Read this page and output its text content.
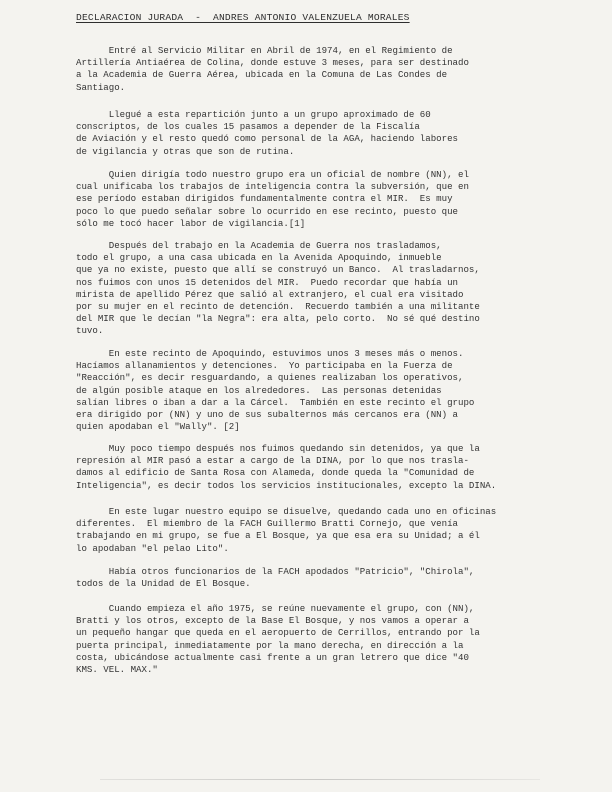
DECLARACION JURADA  -  ANDRES ANTONIO VALENZUELA MORALES
Entré al Servicio Militar en Abril de 1974, en el Regimiento de
Artillería Antiaérea de Colina, donde estuve 3 meses, para ser destinado
a la Academia de Guerra Aérea, ubicada en la Comuna de Las Condes de
Santiago.
Llegué a esta repartición junto a un grupo aproximado de 60
conscriptos, de los cuales 15 pasamos a depender de la Fiscalía
de Aviación y el resto quedó como personal de la AGA, haciendo labores
de vigilancia y otras que son de rutina.
Quien dirigía todo nuestro grupo era un oficial de nombre (NN), el
cual unificaba los trabajos de inteligencia contra la subversión, que en
ese período estaban dirigidos fundamentalmente contra el MIR.  Es muy
poco lo que puedo señalar sobre lo ocurrido en ese recinto, puesto que
sólo me tocó hacer labor de vigilancia.[1]
Después del trabajo en la Academia de Guerra nos trasladamos,
todo el grupo, a una casa ubicada en la Avenida Apoquindo, inmueble
que ya no existe, puesto que allí se construyó un Banco.  Al trasladarnos,
nos fuimos con unos 15 detenidos del MIR.  Puedo recordar que había un
mirista de apellido Pérez que salió al extranjero, el cual era visitado
por su mujer en el recinto de detención.  Recuerdo también a una militante
del MIR que le decían "la Negra": era alta, pelo corto.  No sé qué destino
tuvo.
En este recinto de Apoquindo, estuvimos unos 3 meses más o menos.
Hacíamos allanamientos y detenciones.  Yo participaba en la Fuerza de
"Reacción", es decir resguardando, a quienes realizaban los operativos,
de algún posible ataque en los alrededores.  Las personas detenidas
salían libres o iban a dar a la Cárcel.  También en este recinto el grupo
era dirigido por (NN) y uno de sus subalternos más cercanos era (NN) a
quien apodaban el "Wally". [2]
Muy poco tiempo después nos fuimos quedando sin detenidos, ya que la
represión al MIR pasó a estar a cargo de la DINA, por lo que nos trasla-
damos al edificio de Santa Rosa con Alameda, donde queda la "Comunidad de
Inteligencia", es decir todos los servicios institucionales, excepto la DINA.
En este lugar nuestro equipo se disuelve, quedando cada uno en oficinas
diferentes.  El miembro de la FACH Guillermo Bratti Cornejo, que venía
trabajando en mi grupo, se fue a El Bosque, ya que esa era su Unidad; a él
lo apodaban "el pelao Lito".
Había otros funcionarios de la FACH apodados "Patricio", "Chirola",
todos de la Unidad de El Bosque.
Cuando empieza el año 1975, se reúne nuevamente el grupo, con (NN),
Bratti y los otros, excepto de la Base El Bosque, y nos vamos a operar a
un pequeño hangar que queda en el aeropuerto de Cerrillos, entrando por la
puerta principal, inmediatamente por la mano derecha, en dirección a la
costa, ubicándose actualmente casi frente a un gran letrero que dice "40
KMS. VEL. MAX."
